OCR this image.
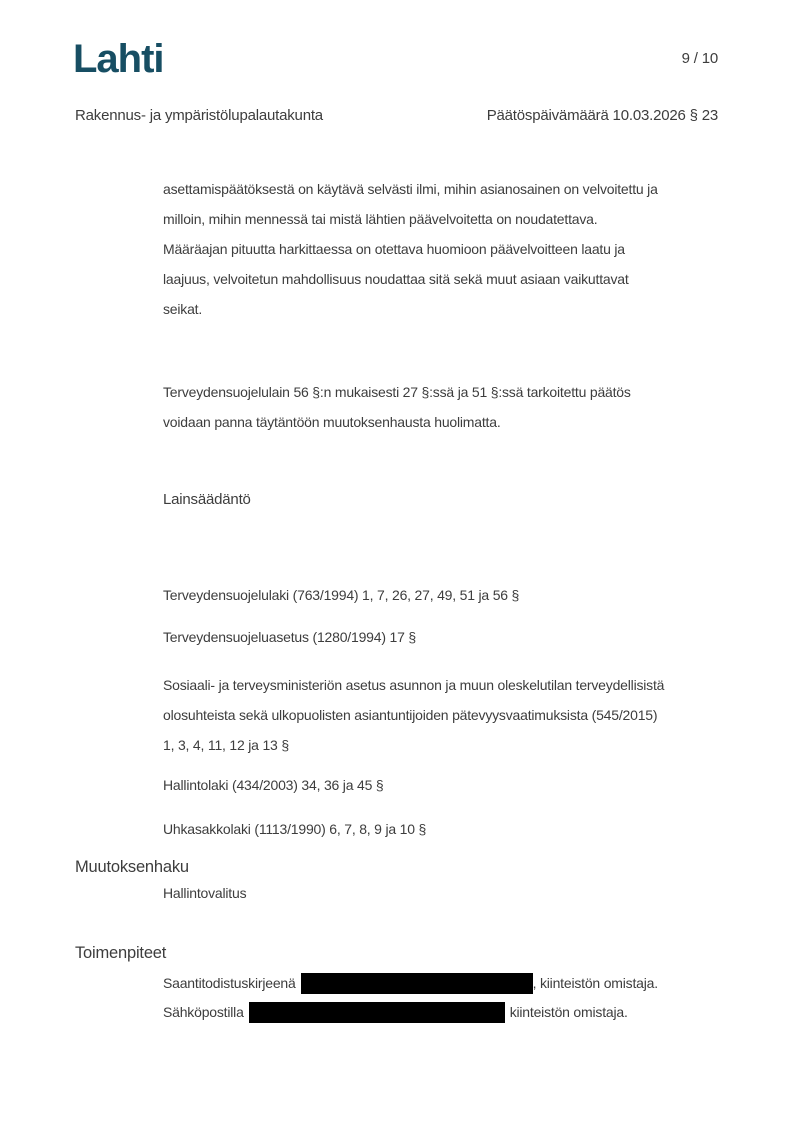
Lahti	9 / 10
Rakennus- ja ympäristölupalautakunta	Päätöspäivämäärä 10.03.2026 § 23
asettamispäätöksestä on käytävä selvästi ilmi, mihin asianosainen on velvoitettu ja
milloin, mihin mennessä tai mistä lähtien päävelvoitetta on noudatettava.
Määräajan pituutta harkittaessa on otettava huomioon päävelvoitteen laatu ja
laajuus, velvoitetun mahdollisuus noudattaa sitä sekä muut asiaan vaikuttavat
seikat.
Terveydensuojelulain 56 §:n mukaisesti 27 §:ssä ja 51 §:ssä tarkoitettu päätös
voidaan panna täytäntöön muutoksenhausta huolimatta.
Lainsäädäntö
Terveydensuojelulaki (763/1994) 1, 7, 26, 27, 49, 51 ja 56 §
Terveydensuojeluasetus (1280/1994) 17 §
Sosiaali- ja terveysministeriön asetus asunnon ja muun oleskelutilan terveydellisistä
olosuhteista sekä ulkopuolisten asiantuntijoiden pätevyysvaatimuksista (545/2015)
1, 3, 4, 11, 12 ja 13 §
Hallintolaki (434/2003) 34, 36 ja 45 §
Uhkasakkolaki (1113/1990) 6, 7, 8, 9 ja 10 §
Muutoksenhaku
Hallintovalitus
Toimenpiteet
Saantitodistuskirjeenä	, kiinteistön omistaja.
Sähköpostilla	kiinteistön omistaja.
